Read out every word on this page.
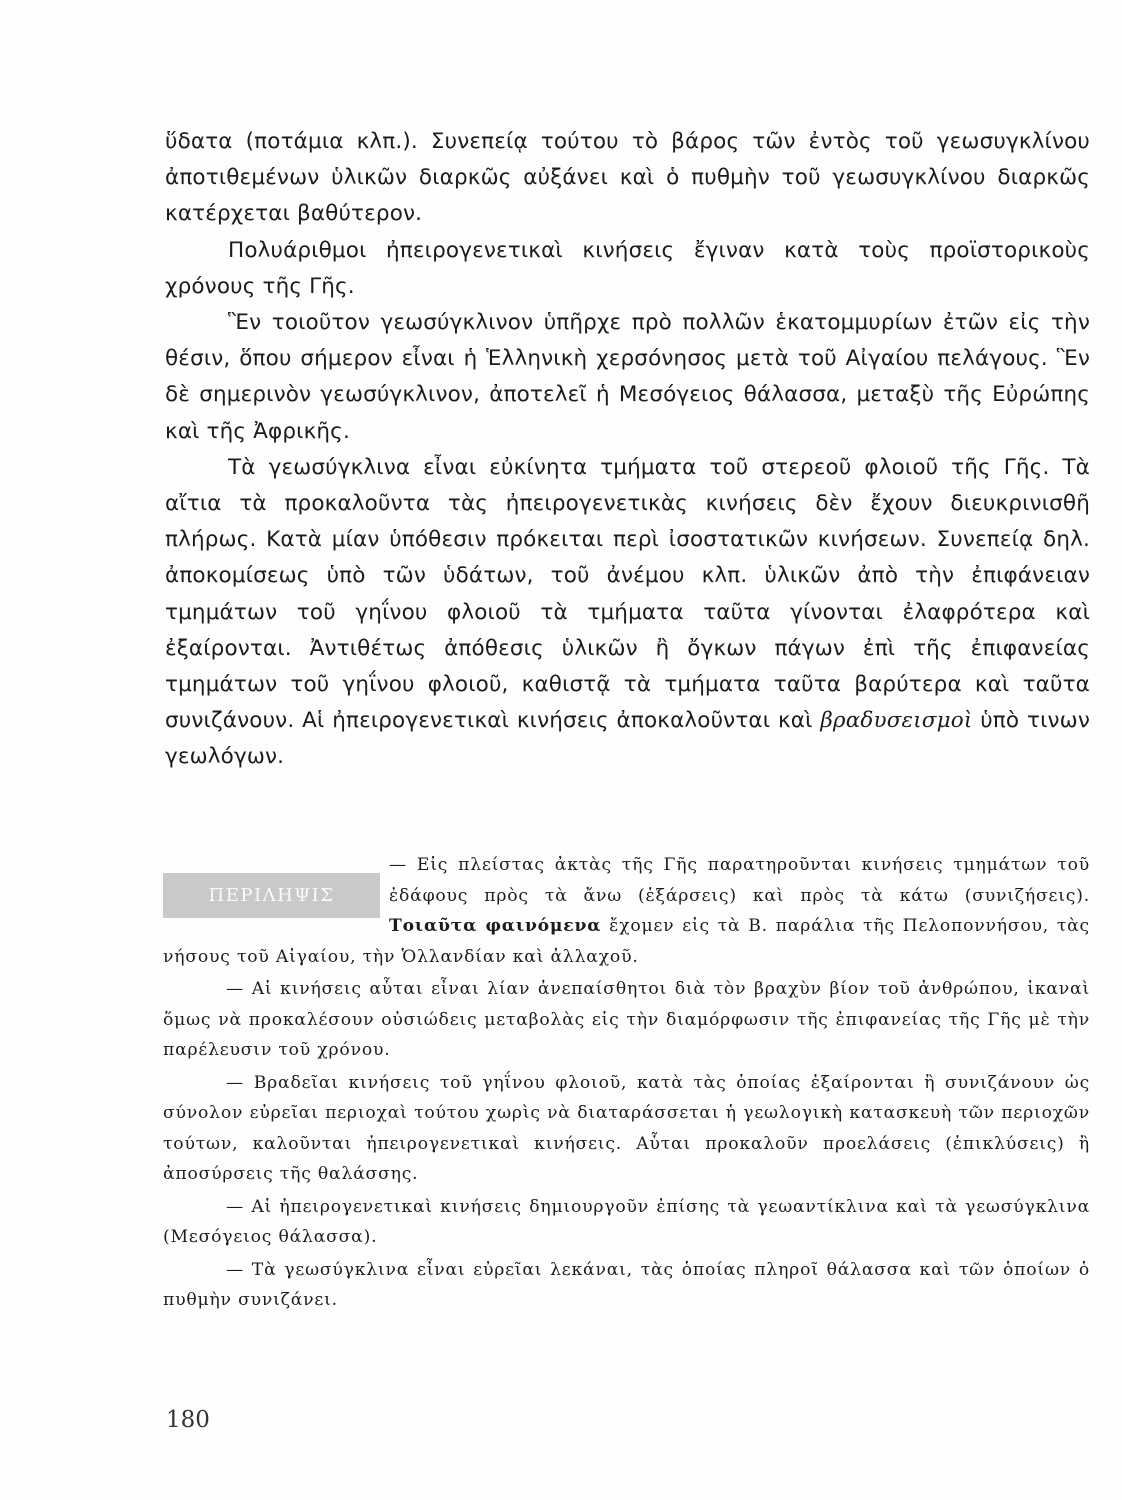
ὕδατα (ποτάμια κλπ.). Συνεπείᾳ τούτου τὸ βάρος τῶν ἐντὸς τοῦ γεωσυγκλίνου ἀποτιθεμένων ὑλικῶν διαρκῶς αὐξάνει καὶ ὁ πυθμὴν τοῦ γεωσυγκλίνου διαρκῶς κατέρχεται βαθύτερον.

Πολυάριθμοι ἠπειρογενετικαὶ κινήσεις ἔγιναν κατὰ τοὺς προϊστορικοὺς χρόνους τῆς Γῆς.

Ἓν τοιοῦτον γεωσύγκλινον ὑπῆρχε πρὸ πολλῶν ἑκατομμυρίων ἐτῶν εἰς τὴν θέσιν, ὅπου σήμερον εἶναι ἡ Ἑλληνικὴ χερσόνησος μετὰ τοῦ Αἰγαίου πελάγους. Ἓν δὲ σημερινὸν γεωσύγκλινον, ἀποτελεῖ ἡ Μεσόγειος θάλασσα, μεταξὺ τῆς Εὐρώπης καὶ τῆς Ἀφρικῆς.

Τὰ γεωσύγκλινα εἶναι εὐκίνητα τμήματα τοῦ στερεοῦ φλοιοῦ τῆς Γῆς. Τὰ αἴτια τὰ προκαλοῦντα τὰς ἠπειρογενετικὰς κινήσεις δὲν ἔχουν διευκρινισθῆ πλήρως. Κατὰ μίαν ὑπόθεσιν πρόκειται περὶ ἰσοστατικῶν κινήσεων. Συνεπείᾳ δηλ. ἀποκομίσεως ὑπὸ τῶν ὑδάτων, τοῦ ἀνέμου κλπ. ὑλικῶν ἀπὸ τὴν ἐπιφάνειαν τμημάτων τοῦ γηΐνου φλοιοῦ τὰ τμήματα ταῦτα γίνονται ἐλαφρότερα καὶ ἐξαίρονται. Ἀντιθέτως ἀπόθεσις ὑλικῶν ἢ ὄγκων πάγων ἐπὶ τῆς ἐπιφανείας τμημάτων τοῦ γηΐνου φλοιοῦ, καθιστᾷ τὰ τμήματα ταῦτα βαρύτερα καὶ ταῦτα συνιζάνουν. Αἱ ἠπειρογενετικαὶ κινήσεις ἀποκαλοῦνται καὶ βραδυσεισμοὶ ὑπὸ τινων γεωλόγων.

— Εἰς πλείστας ἀκτὰς τῆς Γῆς παρατηροῦνται κινήσεις τμημάτων τοῦ ἐδάφους πρὸς τὰ ἄνω (ἐξάρσεις) καὶ πρὸς τὰ κάτω (συνιζήσεις). Τοιαῦτα φαινόμενα ἔχομεν εἰς τὰ Β. παράλια τῆς Πελοποννήσου, τὰς νήσους τοῦ Αἰγαίου, τὴν Ὁλλανδίαν καὶ ἀλλαχοῦ.

— Αἱ κινήσεις αὗται εἶναι λίαν ἀνεπαίσθητοι διὰ τὸν βραχὺν βίον τοῦ ἀνθρώπου, ἱκαναὶ ὅμως νὰ προκαλέσουν οὐσιώδεις μεταβολὰς εἰς τὴν διαμόρφωσιν τῆς ἐπιφανείας τῆς Γῆς μὲ τὴν παρέλευσιν τοῦ χρόνου.

— Βραδεῖαι κινήσεις τοῦ γηΐνου φλοιοῦ, κατὰ τὰς ὁποίας ἐξαίρονται ἢ συνιζάνουν ὡς σύνολον εὐρεῖαι περιοχαὶ τούτου χωρὶς νὰ διαταράσσεται ἡ γεωλογικὴ κατασκευὴ τῶν περιοχῶν τούτων, καλοῦνται ἠπειρογενετικαὶ κινήσεις. Αὗται προκαλοῦν προελάσεις (ἐπικλύσεις) ἢ ἀποσύρσεις τῆς θαλάσσης.

— Αἱ ἠπειρογενετικαὶ κινήσεις δημιουργοῦν ἐπίσης τὰ γεωαντίκλινα καὶ τὰ γεωσύγκλινα (Μεσόγειος θάλασσα).

— Τὰ γεωσύγκλινα εἶναι εὐρεῖαι λεκάναι, τὰς ὁποίας πληροῖ θάλασσα καὶ τῶν ὁποίων ὁ πυθμὴν συνιζάνει.

ΠΕΡΙΛΗΨΙΣ
180
